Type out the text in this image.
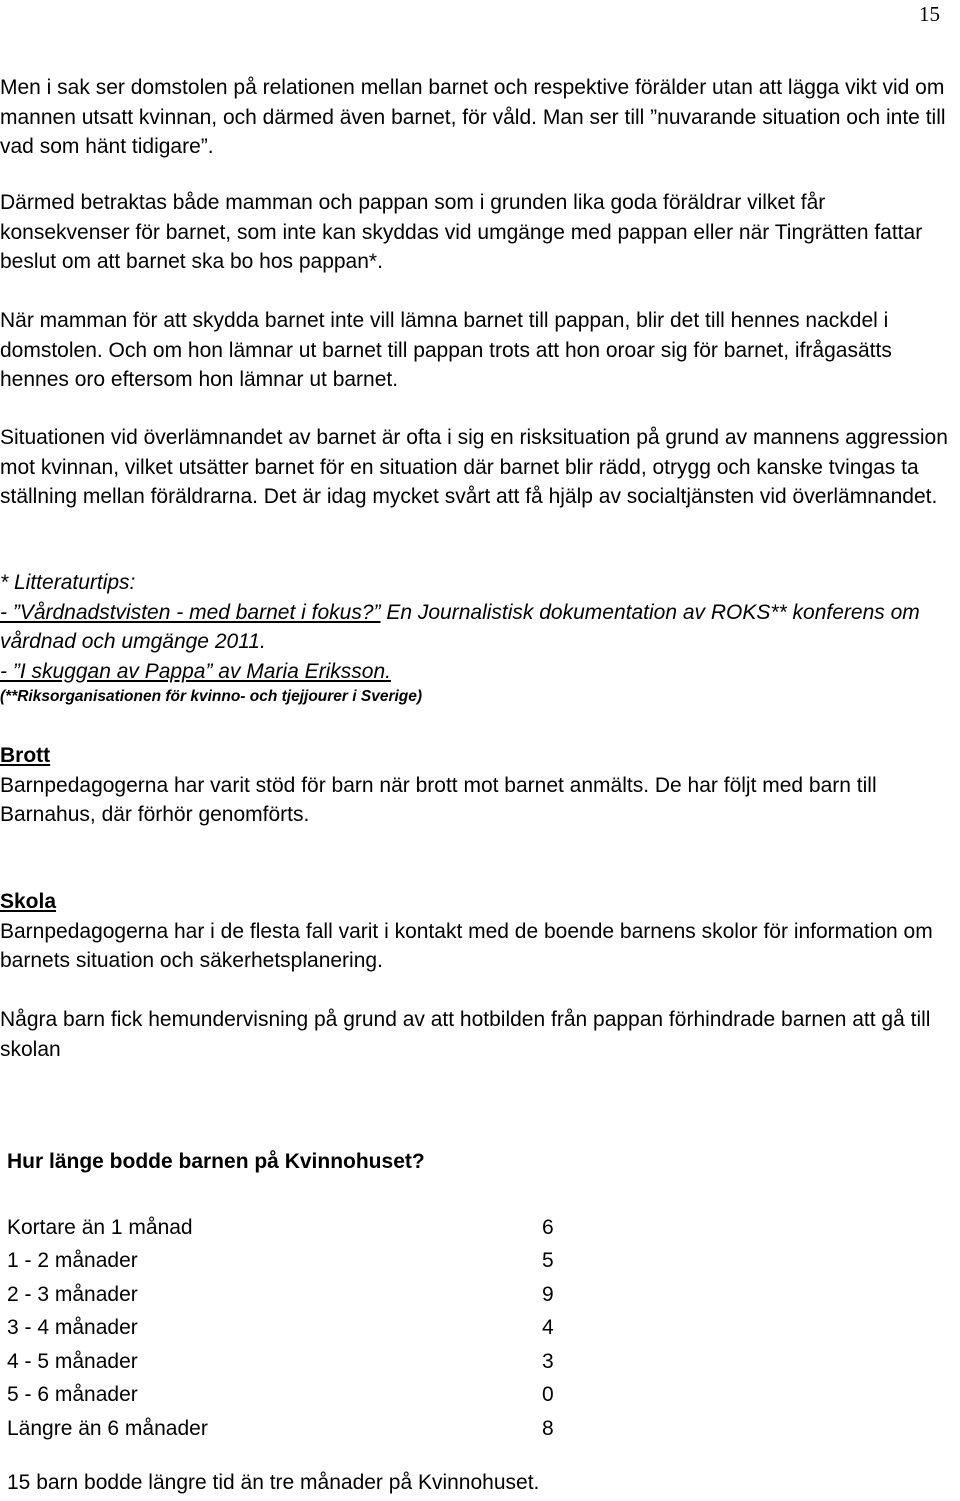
15

Men i sak ser domstolen på relationen mellan barnet och respektive förälder utan att lägga vikt vid om mannen utsatt kvinnan, och därmed även barnet, för våld. Man ser till ”nuvarande situation och inte till vad som hänt tidigare”.

Därmed betraktas både mamman och pappan som i grunden lika goda föräldrar vilket får konsekvenser för barnet, som inte kan skyddas vid umgänge med pappan eller när Tingrätten fattar beslut om att barnet ska bo hos pappan*.

När mamman för att skydda barnet inte vill lämna barnet till pappan, blir det till hennes nackdel i domstolen. Och om hon lämnar ut barnet till pappan trots att hon oroar sig för barnet, ifrågasätts hennes oro eftersom hon lämnar ut barnet.

Situationen vid överlämnandet av barnet är ofta i sig en risksituation på grund av mannens aggression mot kvinnan, vilket utsätter barnet för en situation där barnet blir rädd, otrygg och kanske tvingas ta ställning mellan föräldrarna. Det är idag mycket svårt att få hjälp av socialtjänsten vid överlämnandet.

* Litteraturtips:

- ”Vårdnadstvisten - med barnet i fokus?” En Journalistisk dokumentation av ROKS** konferens om vårdnad och umgänge 2011.

- ”I skuggan av Pappa” av Maria Eriksson.

(**Riksorganisationen för kvinno- och tjejjourer i Sverige)

Brott

Barnpedagogerna har varit stöd för barn när brott mot barnet anmälts. De har följt med barn till Barnahus, där förhör genomförts.

Skola

Barnpedagogerna har i de flesta fall varit i kontakt med de boende barnens skolor för information om barnets situation och säkerhetsplanering.

Några barn fick hemundervisning på grund av att hotbilden från pappan förhindrade barnen att gå till skolan

Hur länge bodde barnen på Kvinnohuset?
Kortare än 1 månad	6
1 - 2 månader	5
2 - 3 månader	9
3 - 4 månader	4
4 - 5 månader	3
5 - 6 månader	0
Längre än 6 månader	8
15 barn bodde längre tid än tre månader på Kvinnohuset.
